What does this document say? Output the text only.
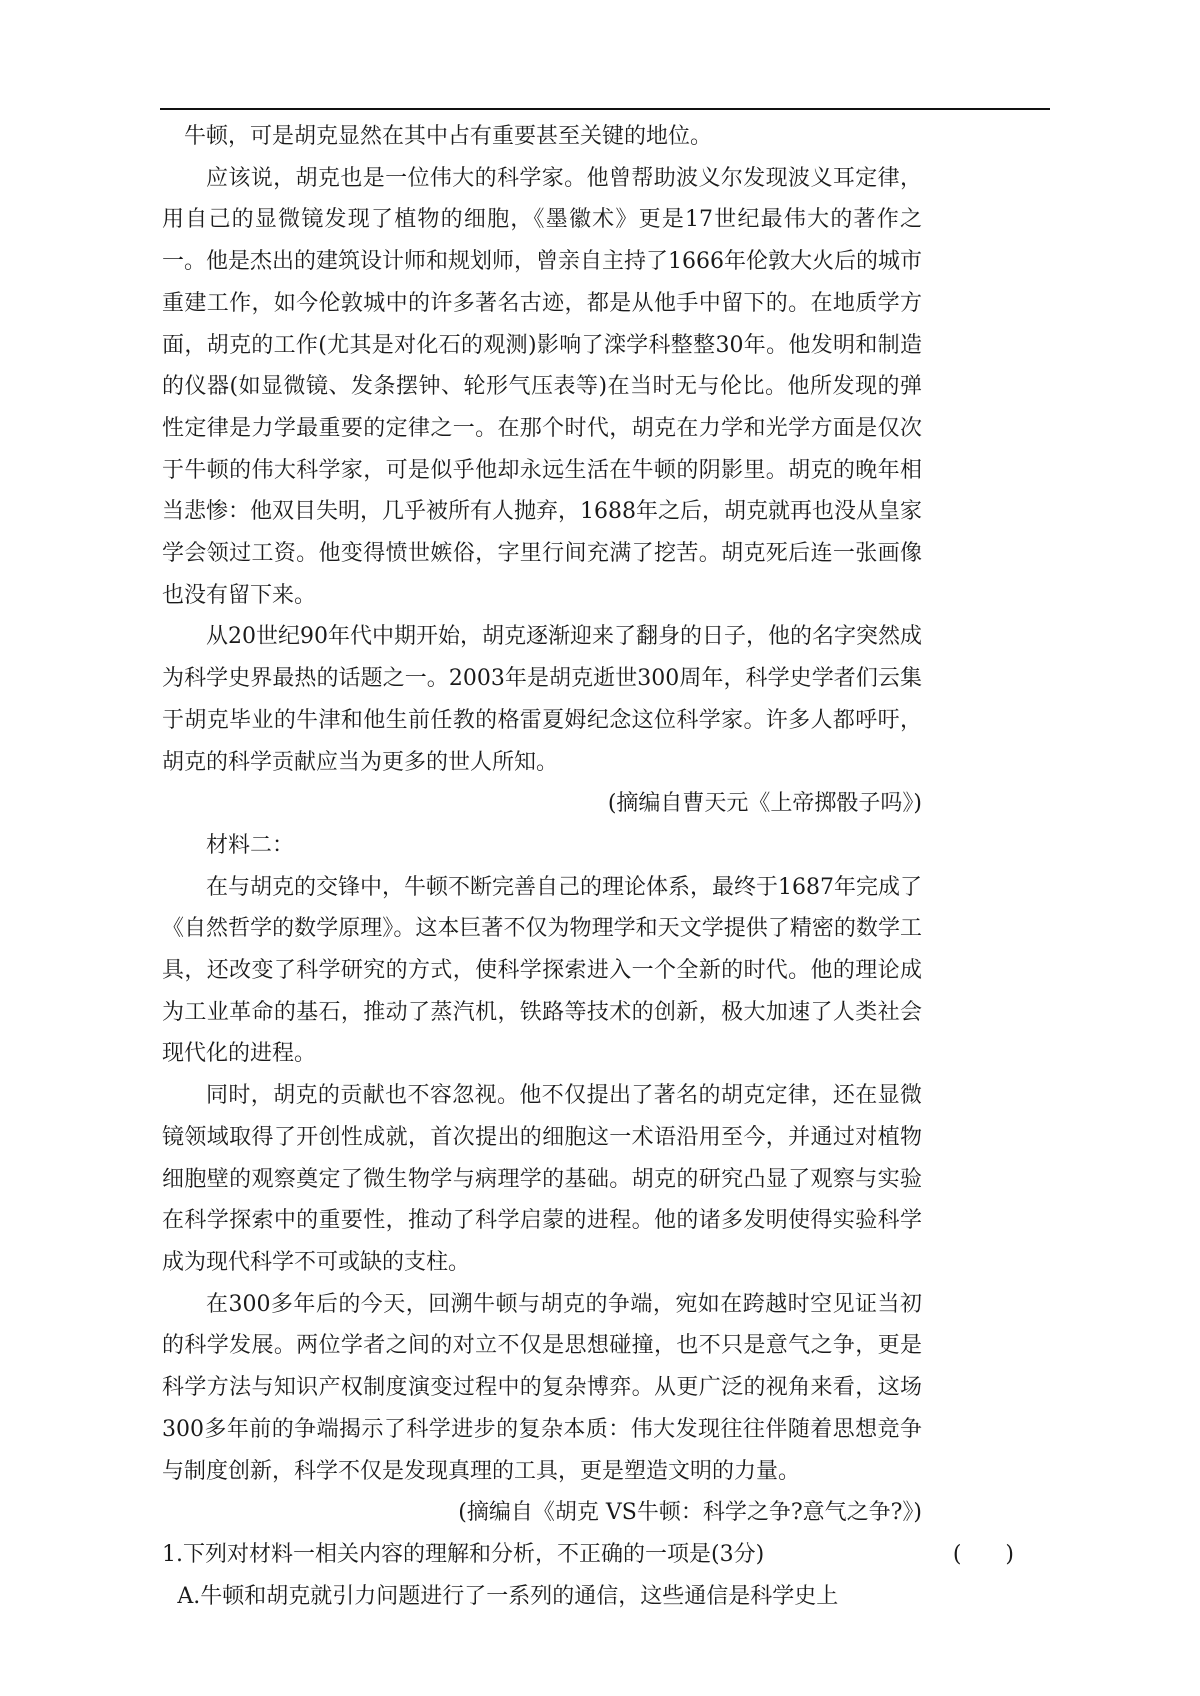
牛顿，可是胡克显然在其中占有重要甚至关键的地位。

应该说，胡克也是一位伟大的科学家。他曾帮助波义尔发现波义耳定律，用自己的显微镜发现了植物的细胞，《墨徽术》更是17世纪最伟大的著作之一。他是杰出的建筑设计师和规划师，曾亲自主持了1666年伦敦大火后的城市重建工作，如今伦敦城中的许多著名古迹，都是从他手中留下的。在地质学方面，胡克的工作(尤其是对化石的观测)影响了滦学科整整30年。他发明和制造的仪器(如显微镜、发条摆钟、轮形气压表等)在当时无与伦比。他所发现的弹性定律是力学最重要的定律之一。在那个时代，胡克在力学和光学方面是仅次于牛顿的伟大科学家，可是似乎他却永远生活在牛顿的阴影里。胡克的晚年相当悲惨：他双目失明，几乎被所有人抛弃，1688年之后，胡克就再也没从皇家学会领过工资。他变得愤世嫉俗，字里行间充满了挖苦。胡克死后连一张画像也没有留下来。

从20世纪90年代中期开始，胡克逐渐迎来了翻身的日子，他的名字突然成为科学史界最热的话题之一。2003年是胡克逝世300周年，科学史学者们云集于胡克毕业的牛津和他生前任教的格雷夏姆纪念这位科学家。许多人都呼吁，胡克的科学贡献应当为更多的世人所知。

(摘编自曹天元《上帝掷骰子吗》)

材料二：

在与胡克的交锋中，牛顿不断完善自己的理论体系，最终于1687年完成了《自然哲学的数学原理》。这本巨著不仅为物理学和天文学提供了精密的数学工具，还改变了科学研究的方式，使科学探索进入一个全新的时代。他的理论成为工业革命的基石，推动了蒸汽机，铁路等技术的创新，极大加速了人类社会现代化的进程。

同时，胡克的贡献也不容忽视。他不仅提出了著名的胡克定律，还在显微镜领域取得了开创性成就，首次提出的细胞这一术语沿用至今，并通过对植物细胞壁的观察奠定了微生物学与病理学的基础。胡克的研究凸显了观察与实验在科学探索中的重要性，推动了科学启蒙的进程。他的诸多发明使得实验科学成为现代科学不可或缺的支柱。

在300多年后的今天，回溯牛顿与胡克的争端，宛如在跨越时空见证当初的科学发展。两位学者之间的对立不仅是思想碰撞，也不只是意气之争，更是科学方法与知识产权制度演变过程中的复杂博弈。从更广泛的视角来看，这场300多年前的争端揭示了科学进步的复杂本质：伟大发现往往伴随着思想竞争与制度创新，科学不仅是发现真理的工具，更是塑造文明的力量。

(摘编自《胡克 VS牛顿：科学之争?意气之争?》)

1.下列对材料一相关内容的理解和分析，不正确的一项是(3分)	(　　)

A.牛顿和胡克就引力问题进行了一系列的通信，这些通信是科学史上
